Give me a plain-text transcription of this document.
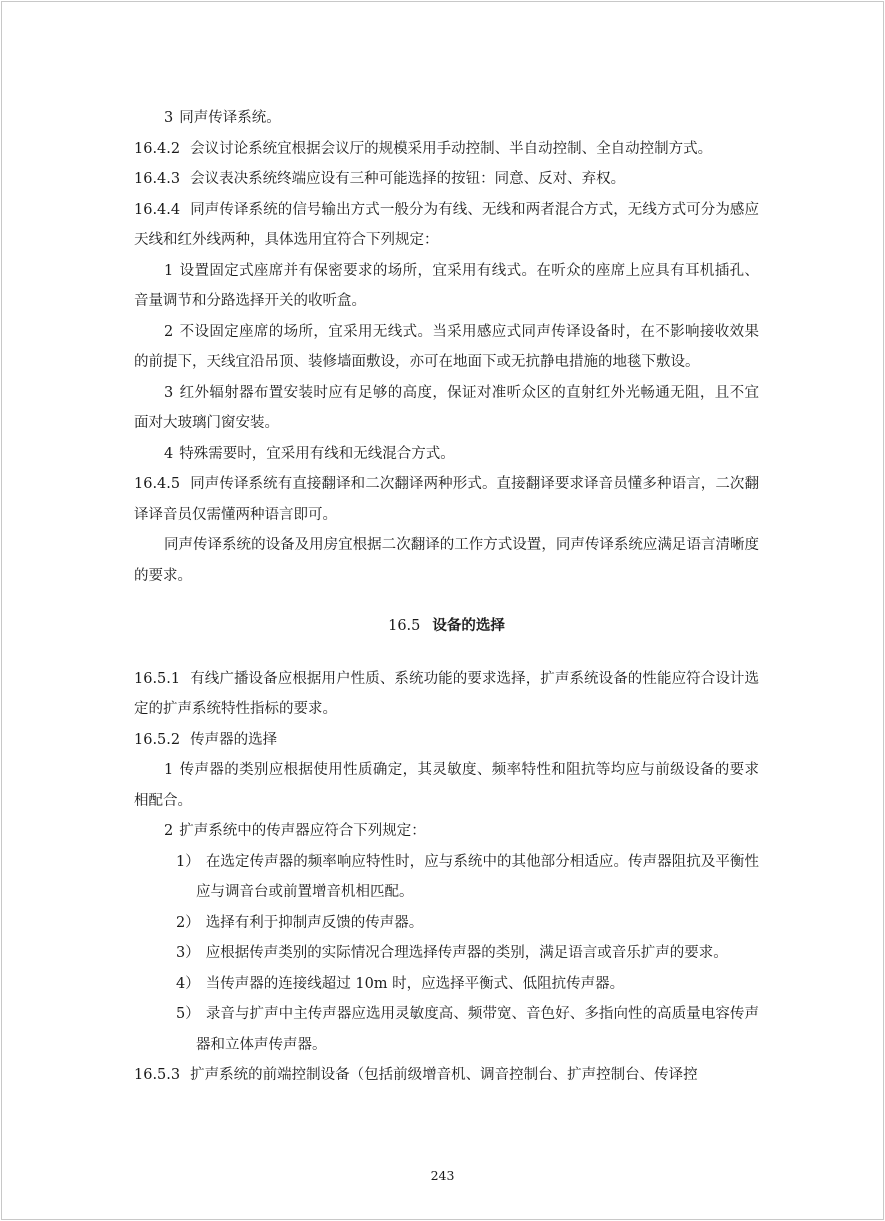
3 同声传译系统。

16.4.2 会议讨论系统宜根据会议厅的规模采用手动控制、半自动控制、全自动控制方式。

16.4.3 会议表决系统终端应设有三种可能选择的按钮：同意、反对、弃权。

16.4.4 同声传译系统的信号输出方式一般分为有线、无线和两者混合方式，无线方式可分为感应天线和红外线两种，具体选用宜符合下列规定：

1 设置固定式座席并有保密要求的场所，宜采用有线式。在听众的座席上应具有耳机插孔、音量调节和分路选择开关的收听盒。

2 不设固定座席的场所，宜采用无线式。当采用感应式同声传译设备时，在不影响接收效果的前提下，天线宜沿吊顶、装修墙面敷设，亦可在地面下或无抗静电措施的地毯下敷设。

3 红外辐射器布置安装时应有足够的高度，保证对准听众区的直射红外光畅通无阻，且不宜面对大玻璃门窗安装。

4 特殊需要时，宜采用有线和无线混合方式。

16.4.5 同声传译系统有直接翻译和二次翻译两种形式。直接翻译要求译音员懂多种语言，二次翻译译音员仅需懂两种语言即可。

同声传译系统的设备及用房宜根据二次翻译的工作方式设置，同声传译系统应满足语言清晰度的要求。

16.5 设备的选择

16.5.1 有线广播设备应根据用户性质、系统功能的要求选择，扩声系统设备的性能应符合设计选定的扩声系统特性指标的要求。

16.5.2 传声器的选择

1 传声器的类别应根据使用性质确定，其灵敏度、频率特性和阻抗等均应与前级设备的要求相配合。

2 扩声系统中的传声器应符合下列规定：

1） 在选定传声器的频率响应特性时，应与系统中的其他部分相适应。传声器阻抗及平衡性应与调音台或前置增音机相匹配。

2） 选择有利于抑制声反馈的传声器。

3） 应根据传声类别的实际情况合理选择传声器的类别，满足语言或音乐扩声的要求。

4） 当传声器的连接线超过 10m 时，应选择平衡式、低阻抗传声器。

5） 录音与扩声中主传声器应选用灵敏度高、频带宽、音色好、多指向性的高质量电容传声器和立体声传声器。

16.5.3 扩声系统的前端控制设备（包括前级增音机、调音控制台、扩声控制台、传译控

243
